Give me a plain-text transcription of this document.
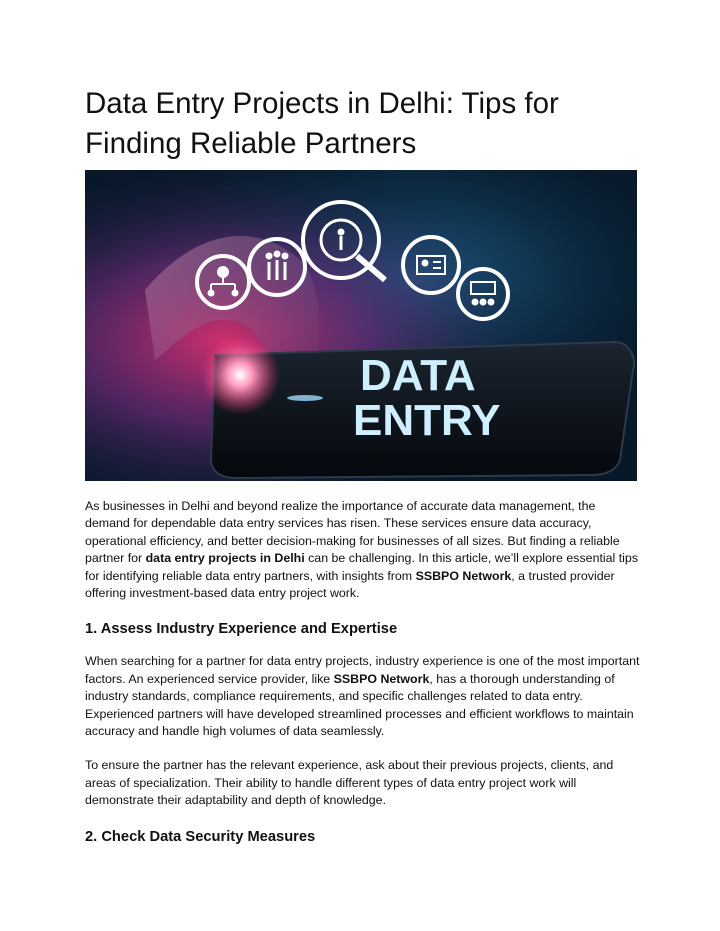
Data Entry Projects in Delhi: Tips for Finding Reliable Partners
DATA
ENTRY

As businesses in Delhi and beyond realize the importance of accurate data management, the demand for dependable data entry services has risen. These services ensure data accuracy, operational efficiency, and better decision-making for businesses of all sizes. But finding a reliable partner for data entry projects in Delhi can be challenging. In this article, we’ll explore essential tips for identifying reliable data entry partners, with insights from SSBPO Network, a trusted provider offering investment-based data entry project work.

1. Assess Industry Experience and Expertise

When searching for a partner for data entry projects, industry experience is one of the most important factors. An experienced service provider, like SSBPO Network, has a thorough understanding of industry standards, compliance requirements, and specific challenges related to data entry. Experienced partners will have developed streamlined processes and efficient workflows to maintain accuracy and handle high volumes of data seamlessly.

To ensure the partner has the relevant experience, ask about their previous projects, clients, and areas of specialization. Their ability to handle different types of data entry project work will demonstrate their adaptability and depth of knowledge.

2. Check Data Security Measures
